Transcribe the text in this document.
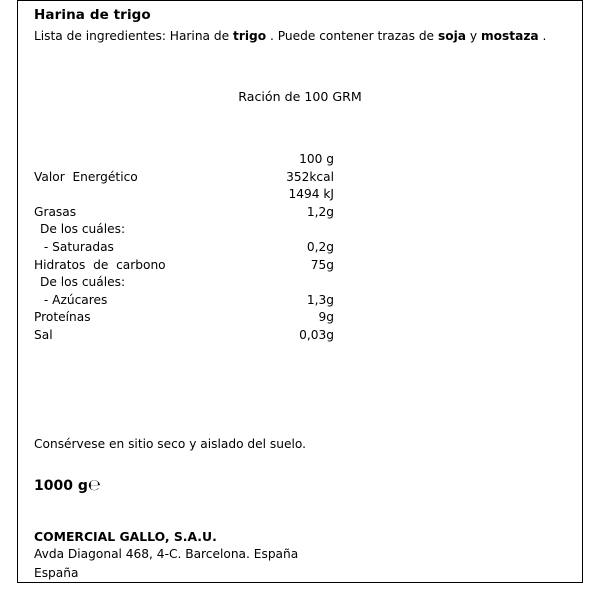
Harina de trigo
Lista de ingredientes: Harina de trigo . Puede contener trazas de soja y mostaza .
Ración de 100 GRM
100 g
Valor  Energético	352kcal
1494 kJ
Grasas	1,2g
De los cuáles:
- Saturadas	0,2g
Hidratos  de  carbono	75g
De los cuáles:
- Azúcares	1,3g
Proteínas	9g
Sal	0,03g
Consérvese en sitio seco y aislado del suelo.
1000 g℮
COMERCIAL GALLO, S.A.U.
Avda Diagonal 468, 4-C. Barcelona. España
España
